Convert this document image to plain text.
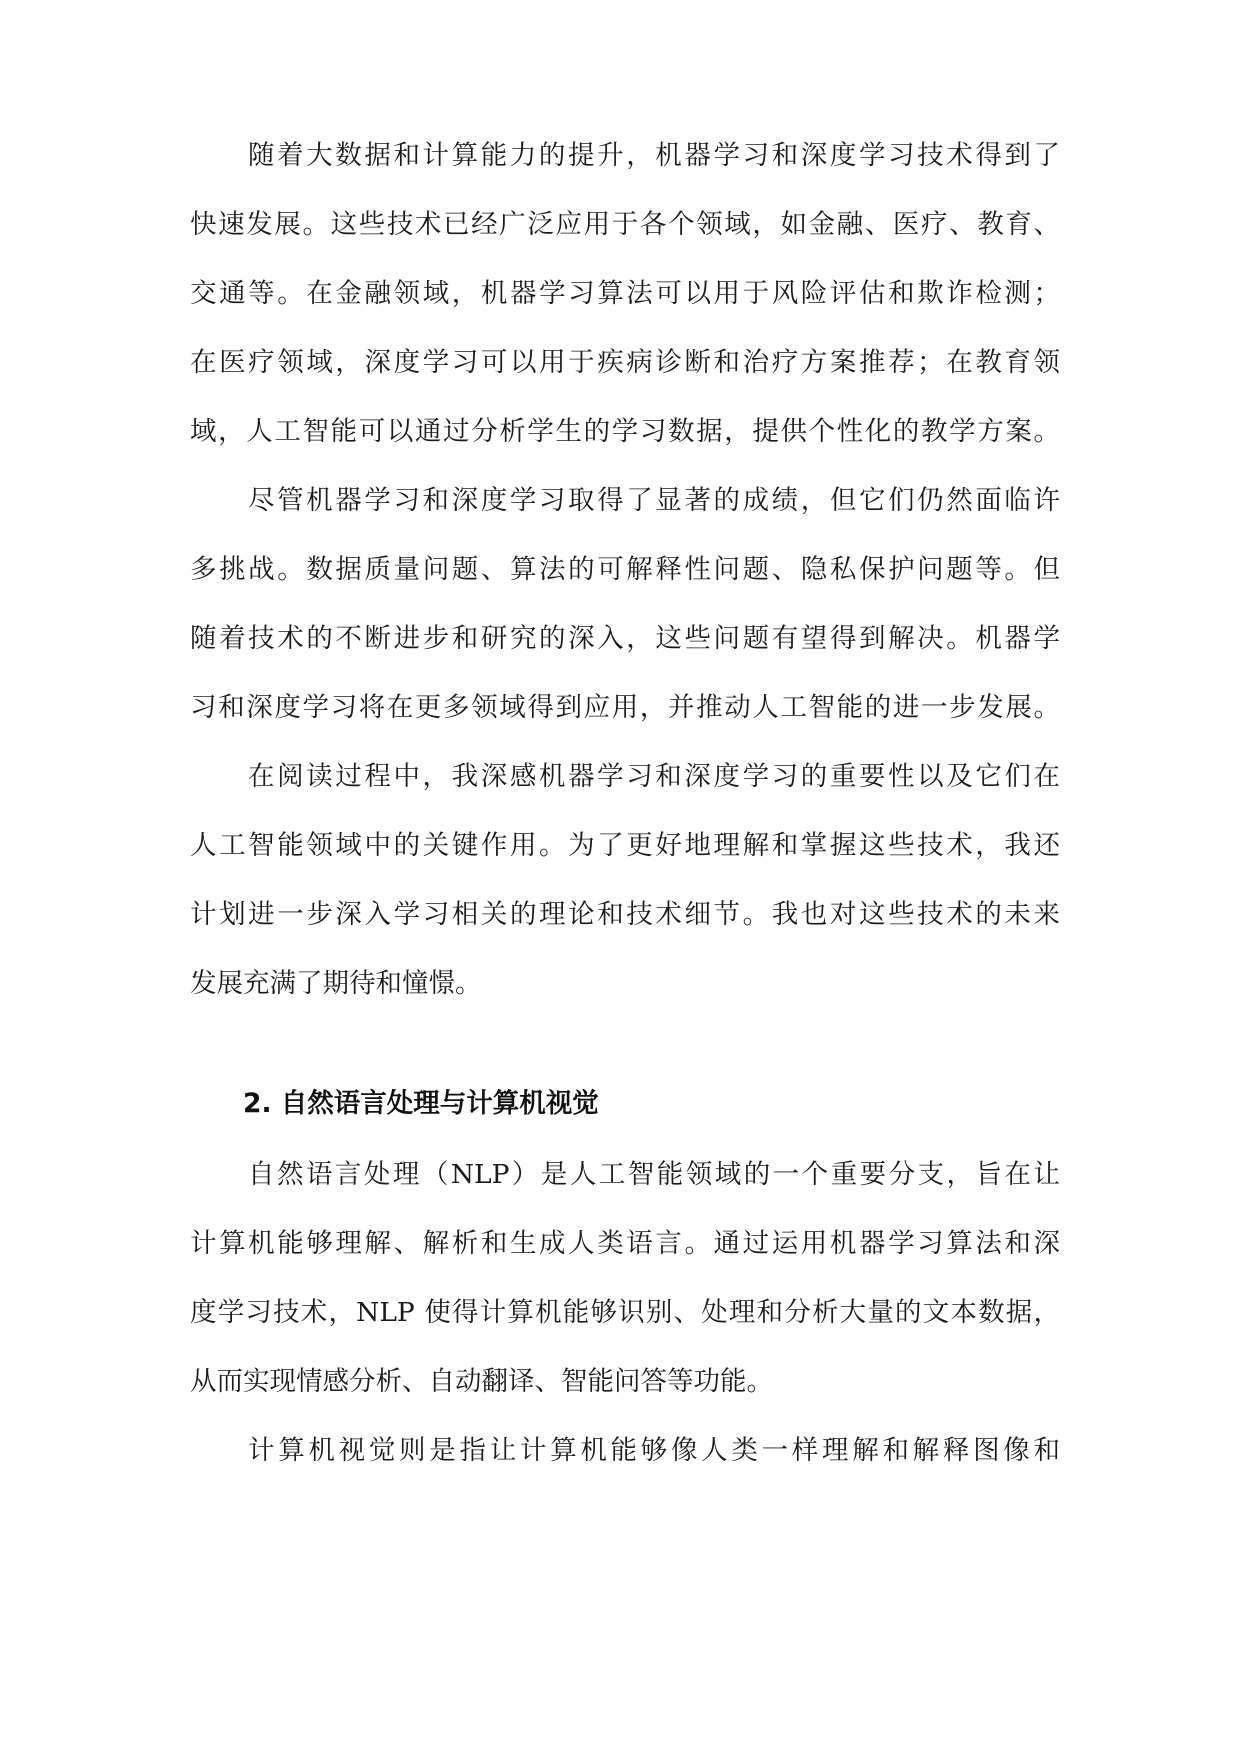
随着大数据和计算能力的提升，机器学习和深度学习技术得到了
快速发展。这些技术已经广泛应用于各个领域，如金融、医疗、教育、
交通等。在金融领域，机器学习算法可以用于风险评估和欺诈检测；
在医疗领域，深度学习可以用于疾病诊断和治疗方案推荐；在教育领
域，人工智能可以通过分析学生的学习数据，提供个性化的教学方案。
尽管机器学习和深度学习取得了显著的成绩，但它们仍然面临许
多挑战。数据质量问题、算法的可解释性问题、隐私保护问题等。但
随着技术的不断进步和研究的深入，这些问题有望得到解决。机器学
习和深度学习将在更多领域得到应用，并推动人工智能的进一步发展。
在阅读过程中，我深感机器学习和深度学习的重要性以及它们在
人工智能领域中的关键作用。为了更好地理解和掌握这些技术，我还
计划进一步深入学习相关的理论和技术细节。我也对这些技术的未来
发展充满了期待和憧憬。
2. 自然语言处理与计算机视觉
自然语言处理（NLP）是人工智能领域的一个重要分支，旨在让
计算机能够理解、解析和生成人类语言。通过运用机器学习算法和深
度学习技术，NLP 使得计算机能够识别、处理和分析大量的文本数据，
从而实现情感分析、自动翻译、智能问答等功能。
计算机视觉则是指让计算机能够像人类一样理解和解释图像和
